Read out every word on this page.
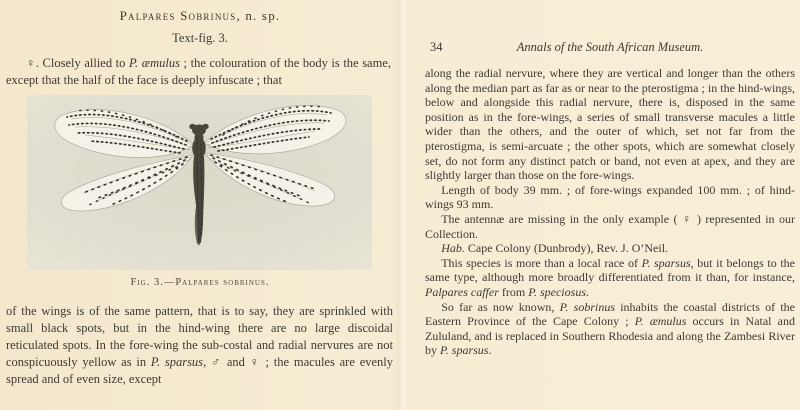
Palpares Sobrinus, n. sp.
Text-fig. 3.

♀. Closely allied to P. æmulus ; the colouration of the body is the same, except that the half of the face is deeply infuscate ; that

Fig. 3.—Palpares sobrinus.

of the wings is of the same pattern, that is to say, they are sprinkled with small black spots, but in the hind-wing there are no large discoidal reticulated spots. In the fore-wing the sub-costal and radial nervures are not conspicuously yellow as in P. sparsus, ♂ and ♀ ; the macules are evenly spread and of even size, except

34	Annals of the South African Museum.

along the radial nervure, where they are vertical and longer than the others along the median part as far as or near to the pterostigma ; in the hind-wings, below and alongside this radial nervure, there is, disposed in the same position as in the fore-wings, a series of small transverse macules a little wider than the others, and the outer of which, set not far from the pterostigma, is semi-arcuate ; the other spots, which are somewhat closely set, do not form any distinct patch or band, not even at apex, and they are slightly larger than those on the fore-wings.

Length of body 39 mm. ; of fore-wings expanded 100 mm. ; of hind-wings 93 mm.

The antennæ are missing in the only example ( ♀ ) represented in our Collection.

Hab. Cape Colony (Dunbrody), Rev. J. O’Neil.

This species is more than a local race of P. sparsus, but it belongs to the same type, although more broadly differentiated from it than, for instance, Palpares caffer from P. speciosus.

So far as now known, P. sobrinus inhabits the coastal districts of the Eastern Province of the Cape Colony ; P. æmulus occurs in Natal and Zululand, and is replaced in Southern Rhodesia and along the Zambesi River by P. sparsus.
